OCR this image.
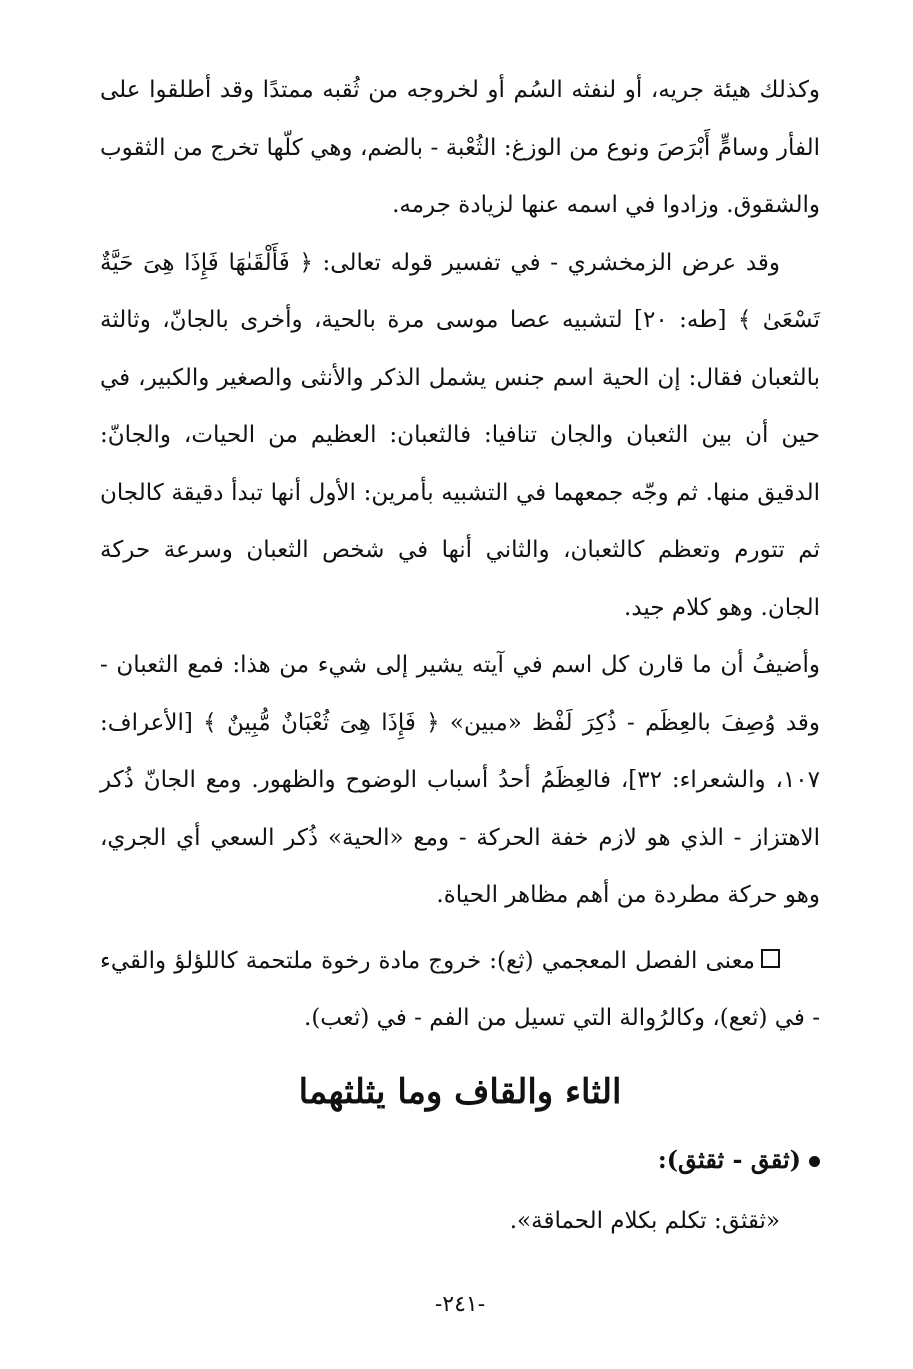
وكذلك هيئة جريه، أو لنفثه السُم أو لخروجه من ثُقبه ممتدًا وقد أطلقوا على الفأر وسامٍّ أَبْرَصَ ونوع من الوزغ: الثُعْبة - بالضم، وهي كلّها تخرج من الثقوب والشقوق. وزادوا في اسمه عنها لزيادة جرمه.

وقد عرض الزمخشري - في تفسير قوله تعالى: ﴿ فَأَلْقَىٰهَا فَإِذَا هِىَ حَيَّةٌ تَسْعَىٰ ﴾ [طه: ٢٠] لتشبيه عصا موسى مرة بالحية، وأخرى بالجانّ، وثالثة بالثعبان فقال: إن الحية اسم جنس يشمل الذكر والأنثى والصغير والكبير، في حين أن بين الثعبان والجان تنافيا: فالثعبان: العظيم من الحيات، والجانّ: الدقيق منها. ثم وجّه جمعهما في التشبيه بأمرين: الأول أنها تبدأ دقيقة كالجان ثم تتورم وتعظم كالثعبان، والثاني أنها في شخص الثعبان وسرعة حركة الجان. وهو كلام جيد.

وأضيفُ أن ما قارن كل اسم في آيته يشير إلى شيء من هذا: فمع الثعبان - وقد وُصِفَ بالعِظَم - ذُكِرَ لَفْظ «مبين» ﴿ فَإِذَا هِىَ ثُعْبَانٌ مُّبِينٌ ﴾ [الأعراف: ١٠٧، والشعراء: ٣٢]، فالعِظَمُ أحدُ أسباب الوضوح والظهور. ومع الجانّ ذُكر الاهتزاز - الذي هو لازم خفة الحركة - ومع «الحية» ذُكر السعي أي الجري، وهو حركة مطردة من أهم مظاهر الحياة.

معنى الفصل المعجمي (ثع): خروج مادة رخوة ملتحمة كاللؤلؤ والقيء - في (ثعع)، وكالرُوالة التي تسيل من الفم - في (ثعب).

الثاء والقاف وما يثلثهما

(ثقق - ثقثق):

«ثقثق: تكلم بكلام الحماقة».

-٢٤١-
